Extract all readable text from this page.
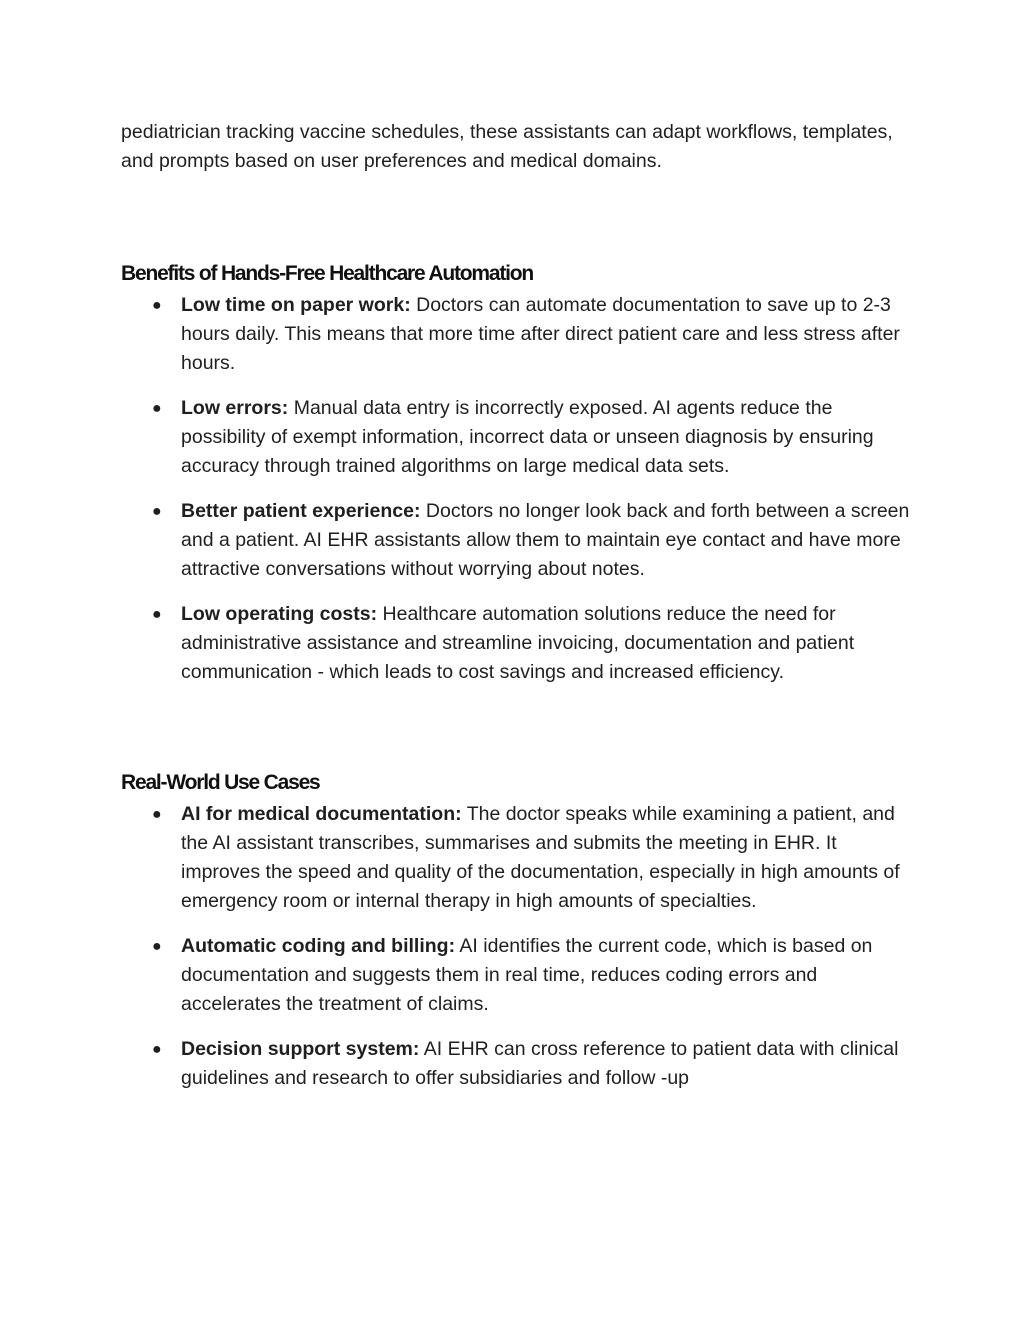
pediatrician tracking vaccine schedules, these assistants can adapt workflows, templates, and prompts based on user preferences and medical domains.

Benefits of Hands-Free Healthcare Automation
● Low time on paper work: Doctors can automate documentation to save up to 2-3 hours daily. This means that more time after direct patient care and less stress after hours.
● Low errors: Manual data entry is incorrectly exposed. AI agents reduce the possibility of exempt information, incorrect data or unseen diagnosis by ensuring accuracy through trained algorithms on large medical data sets.
● Better patient experience: Doctors no longer look back and forth between a screen and a patient. AI EHR assistants allow them to maintain eye contact and have more attractive conversations without worrying about notes.
● Low operating costs: Healthcare automation solutions reduce the need for administrative assistance and streamline invoicing, documentation and patient communication - which leads to cost savings and increased efficiency.
Real-World Use Cases
● AI for medical documentation: The doctor speaks while examining a patient, and the AI assistant transcribes, summarises and submits the meeting in EHR. It improves the speed and quality of the documentation, especially in high amounts of emergency room or internal therapy in high amounts of specialties.
● Automatic coding and billing: AI identifies the current code, which is based on documentation and suggests them in real time, reduces coding errors and accelerates the treatment of claims.
● Decision support system: AI EHR can cross reference to patient data with clinical guidelines and research to offer subsidiaries and follow -up
